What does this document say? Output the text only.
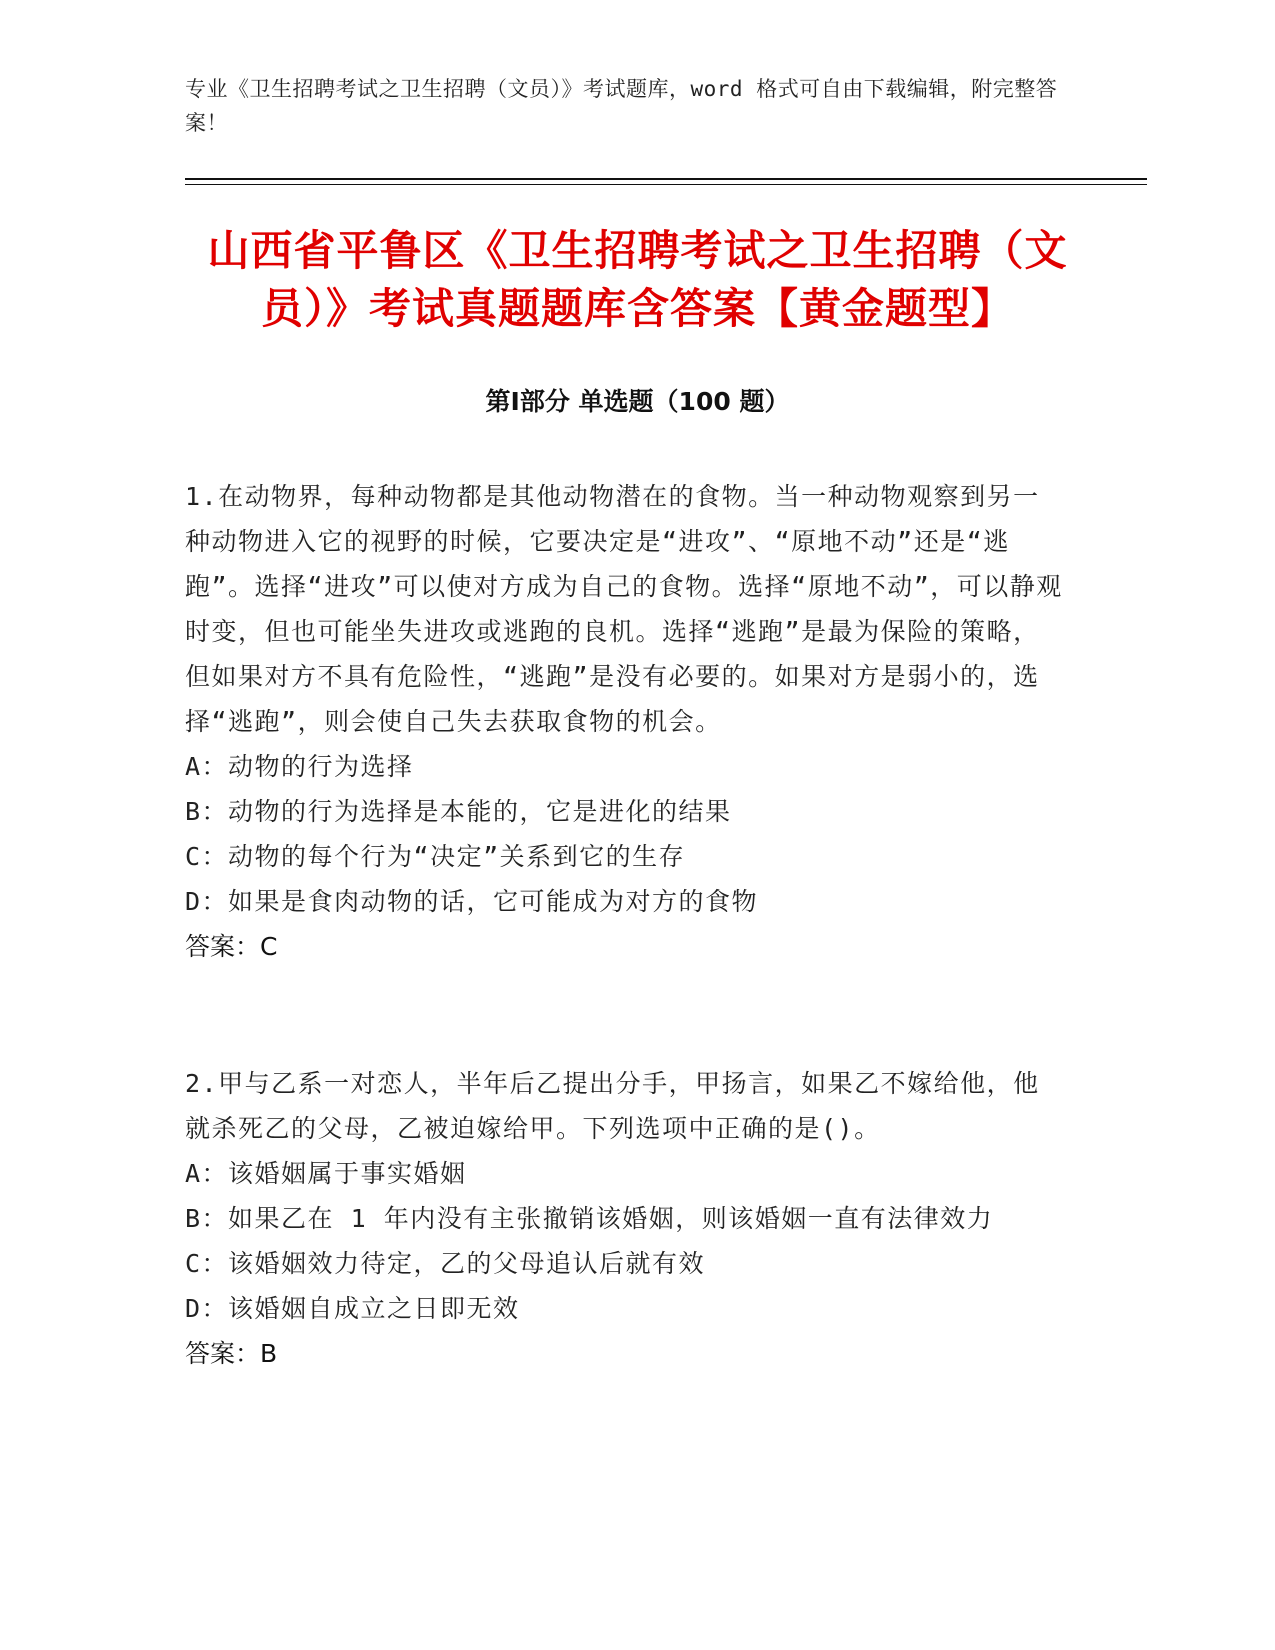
专业《卫生招聘考试之卫生招聘（文员）》考试题库，word 格式可自由下载编辑，附完整答案！
山西省平鲁区《卫生招聘考试之卫生招聘（文员）》考试真题题库含答案【黄金题型】
第Ⅰ部分 单选题（100 题）

1.在动物界，每种动物都是其他动物潜在的食物。当一种动物观察到另一种动物进入它的视野的时候，它要决定是“进攻”、“原地不动”还是“逃跑”。选择“进攻”可以使对方成为自己的食物。选择“原地不动”，可以静观时变，但也可能坐失进攻或逃跑的良机。选择“逃跑”是最为保险的策略，但如果对方不具有危险性，“逃跑”是没有必要的。如果对方是弱小的，选择“逃跑”，则会使自己失去获取食物的机会。

A：动物的行为选择

B：动物的行为选择是本能的，它是进化的结果

C：动物的每个行为“决定”关系到它的生存

D：如果是食肉动物的话，它可能成为对方的食物

答案：C

2.甲与乙系一对恋人，半年后乙提出分手，甲扬言，如果乙不嫁给他，他就杀死乙的父母，乙被迫嫁给甲。下列选项中正确的是()。

A：该婚姻属于事实婚姻

B：如果乙在 1 年内没有主张撤销该婚姻，则该婚姻一直有法律效力

C：该婚姻效力待定，乙的父母追认后就有效

D：该婚姻自成立之日即无效

答案：B
